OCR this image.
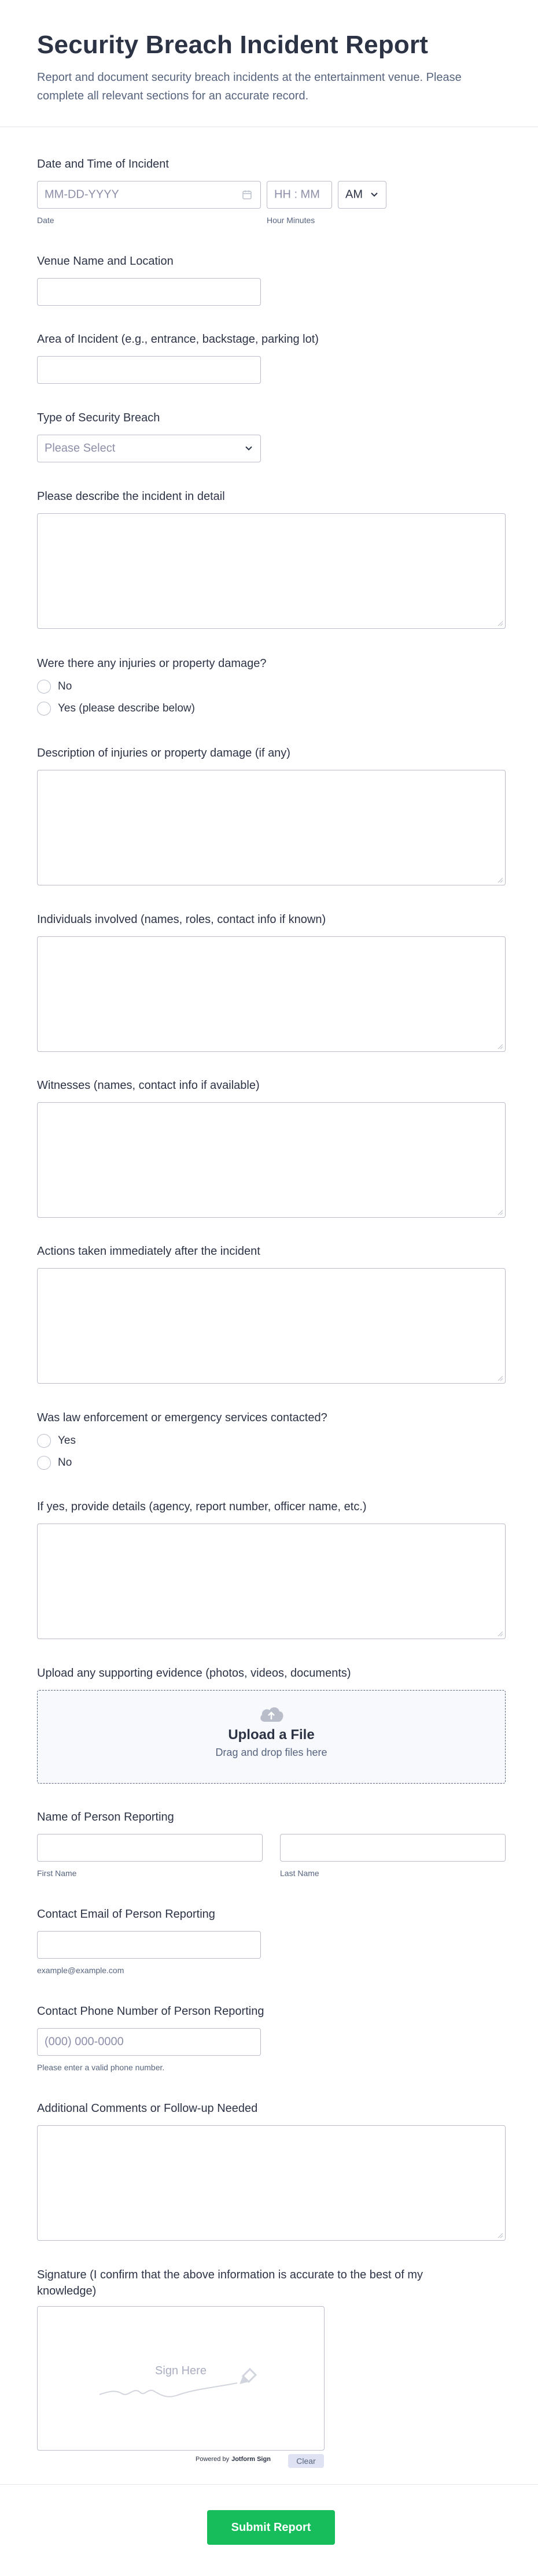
Security Breach Incident Report

Report and document security breach incidents at the entertainment venue. Please complete all relevant sections for an accurate record.

Date and Time of Incident
MM-DD-YYYY
Date
HH : MM
Hour Minutes
AM
Venue Name and Location
Area of Incident (e.g., entrance, backstage, parking lot)
Type of Security Breach
Please Select
Please describe the incident in detail
Were there any injuries or property damage?
No
Yes (please describe below)
Description of injuries or property damage (if any)
Individuals involved (names, roles, contact info if known)
Witnesses (names, contact info if available)
Actions taken immediately after the incident
Was law enforcement or emergency services contacted?
Yes
No
If yes, provide details (agency, report number, officer name, etc.)
Upload any supporting evidence (photos, videos, documents)
Upload a File
Drag and drop files here
Name of Person Reporting
First Name	Last Name
Contact Email of Person Reporting
example@example.com
Contact Phone Number of Person Reporting
(000) 000-0000
Please enter a valid phone number.
Additional Comments or Follow-up Needed
Signature (I confirm that the above information is accurate to the best of my knowledge)
Sign Here
Powered by Jotform Sign	Clear
Submit Report
